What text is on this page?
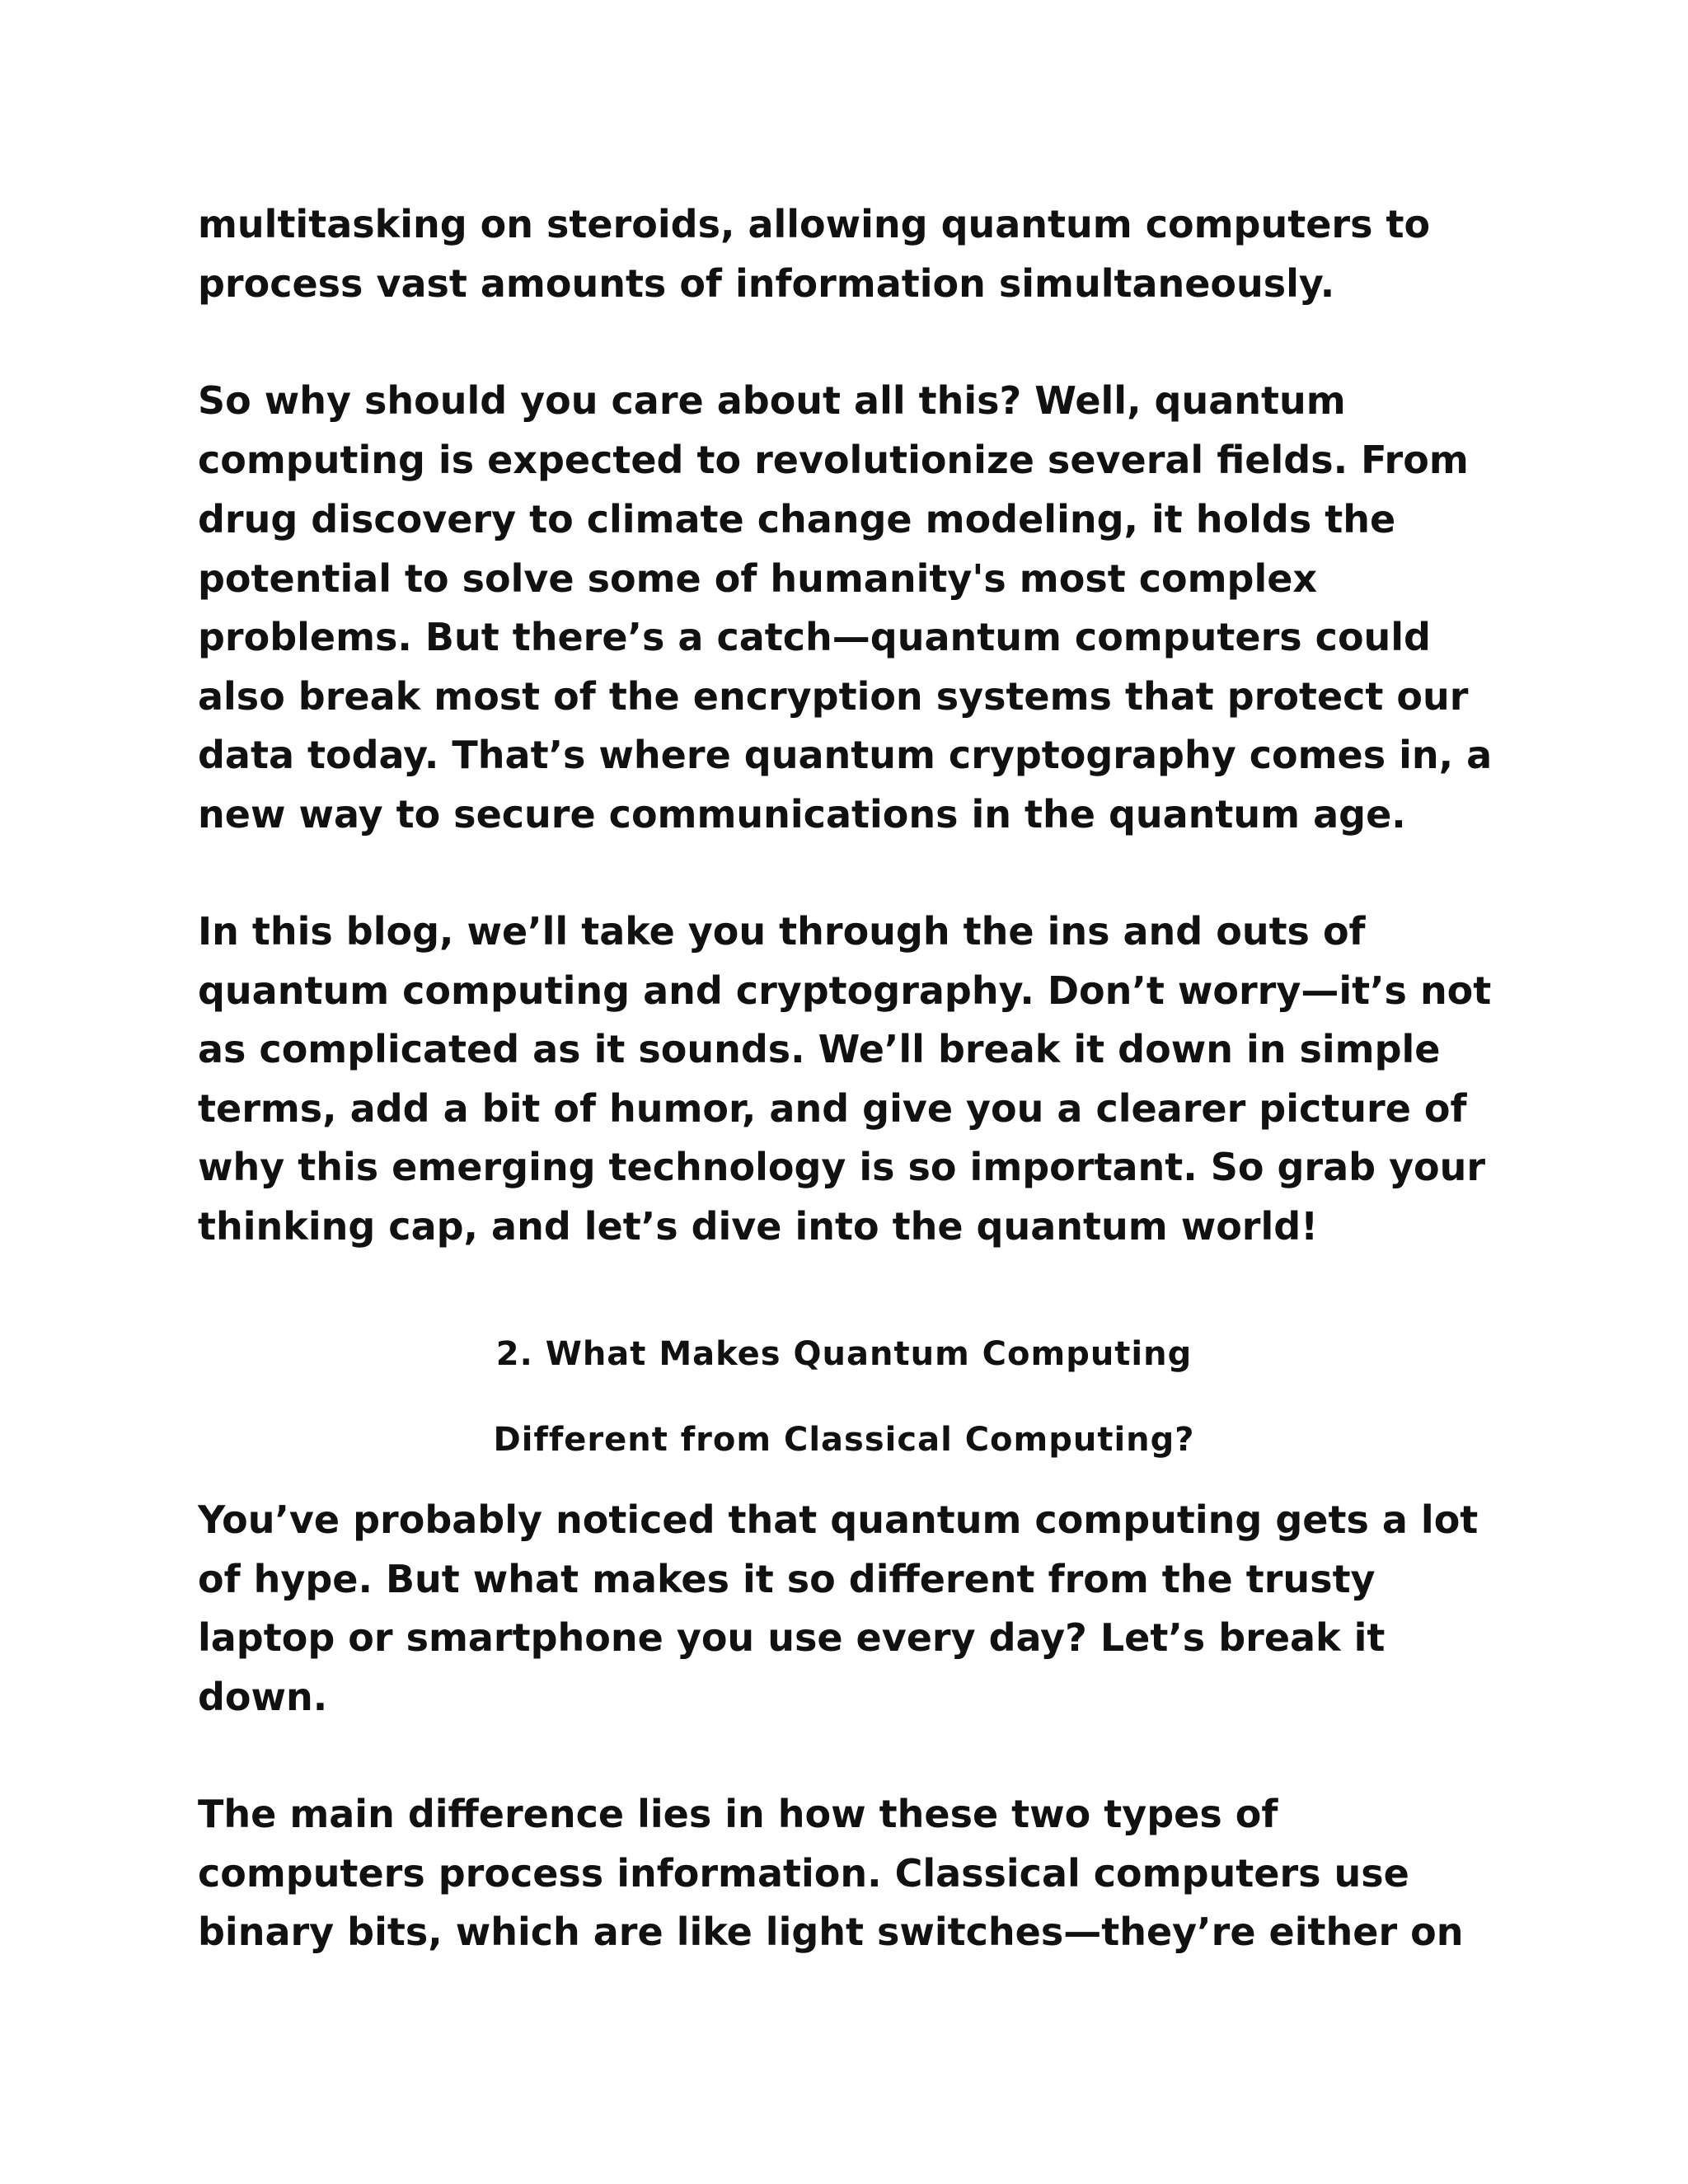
multitasking on steroids, allowing quantum computers to
process vast amounts of information simultaneously.
So why should you care about all this? Well, quantum
computing is expected to revolutionize several fields. From
drug discovery to climate change modeling, it holds the
potential to solve some of humanity's most complex
problems. But there’s a catch—quantum computers could
also break most of the encryption systems that protect our
data today. That’s where quantum cryptography comes in, a
new way to secure communications in the quantum age.
In this blog, we’ll take you through the ins and outs of
quantum computing and cryptography. Don’t worry—it’s not
as complicated as it sounds. We’ll break it down in simple
terms, add a bit of humor, and give you a clearer picture of
why this emerging technology is so important. So grab your
thinking cap, and let’s dive into the quantum world!
2. What Makes Quantum Computing
Different from Classical Computing?
You’ve probably noticed that quantum computing gets a lot
of hype. But what makes it so different from the trusty
laptop or smartphone you use every day? Let’s break it
down.
The main difference lies in how these two types of
computers process information. Classical computers use
binary bits, which are like light switches—they’re either on
